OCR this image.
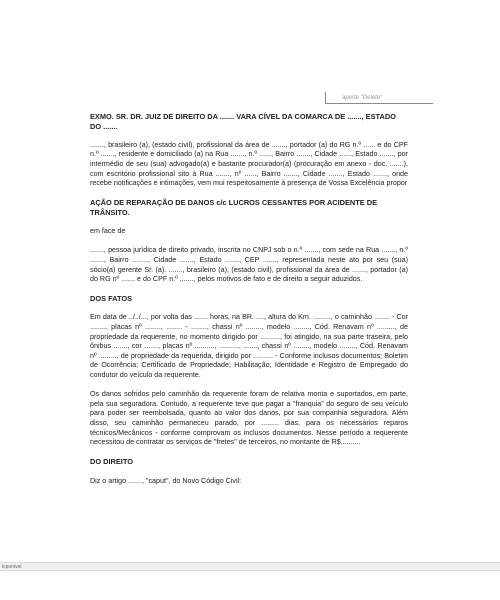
aperte "Delete"

EXMO. SR. DR. JUIZ DE DIREITO DA ....... VARA CÍVEL DA COMARCA DE ......., ESTADO DO .......

......., brasileiro (a), (estado civil), profissional da área de ......., portador (a) do RG n.º ...... e do CPF n.º ......., residente e domiciliado (a) na Rua ......., n.º ......, Bairro ......., Cidade ......, Estado ......., por intermédio de seu (sua) advogado(a) e bastante procurador(a) (procuração em anexo - doc. .......), com escritório profissional sito à Rua ......., nº ......, Bairro ......., Cidade ......., Estado ......., onde recebe notificações e intimações, vem mui respeitosamente à presença de Vossa Excelência propor

AÇÃO DE REPARAÇÃO DE DANOS c/c LUCROS CESSANTES POR ACIDENTE DE TRÂNSITO.

em face de

......., pessoa jurídica de direito privado, inscrita no CNPJ sob o n.º ......., com sede na Rua ......., n.º ......., Bairro ........, Cidade ......., Estado ......., CEP ......., representada neste ato por seu (sua) sócio(a) gerente Sr. (a). ......., brasileiro (a), (estado civil), profissional da área de ......., portador (a) do RG nº ....... e do CPF n.º ......., pelos motivos de fato e de direito a seguir aduzidos.

DOS FATOS

Em data de ../../..., por volta das ....... horas, na BR. ...., altura do Km. ........., o caminhão ........ - Cor ........, placas nº ........, ........ - ........, chassi nº ........, modelo ........, Cód. Renavam nº ........., de propriedade da requerente, no momento dirigido por .........., foi atingido, na sua parte traseira, pelo ônibus ......., cor ......., placas nº .........., .........., ......., chassi nº ........, modelo ........, Cód. Renavam nº ........., de propriedade da requerida, dirigido por .......... - Conforme inclusos documentos; Boletim de Ocorrência; Certificado de Propriedade; Habilitação; Identidade e Registro de Empregado do condutor do veículo da requerente.

Os danos sofridos pelo caminhão da requerente foram de relativa monta e suportados, em parte, pela sua seguradora. Contudo, a requerente teve que pagar a "franquia" do seguro de seu veículo para poder ser reembolsada, quanto ao valor dos danos, por sua companhia seguradora. Além disso, seu caminhão permaneceu parado, por ......... dias, para os necessários reparos técnicos/Mecânicos - conforme comprovam os inclusos documentos. Nesse período a requerente necessitou de contratar os serviços de "fretes" de terceiros, no montante de R$..........

DO DIREITO

Diz o artigo ......., "caput", do Novo Código Civil:

icponivel
